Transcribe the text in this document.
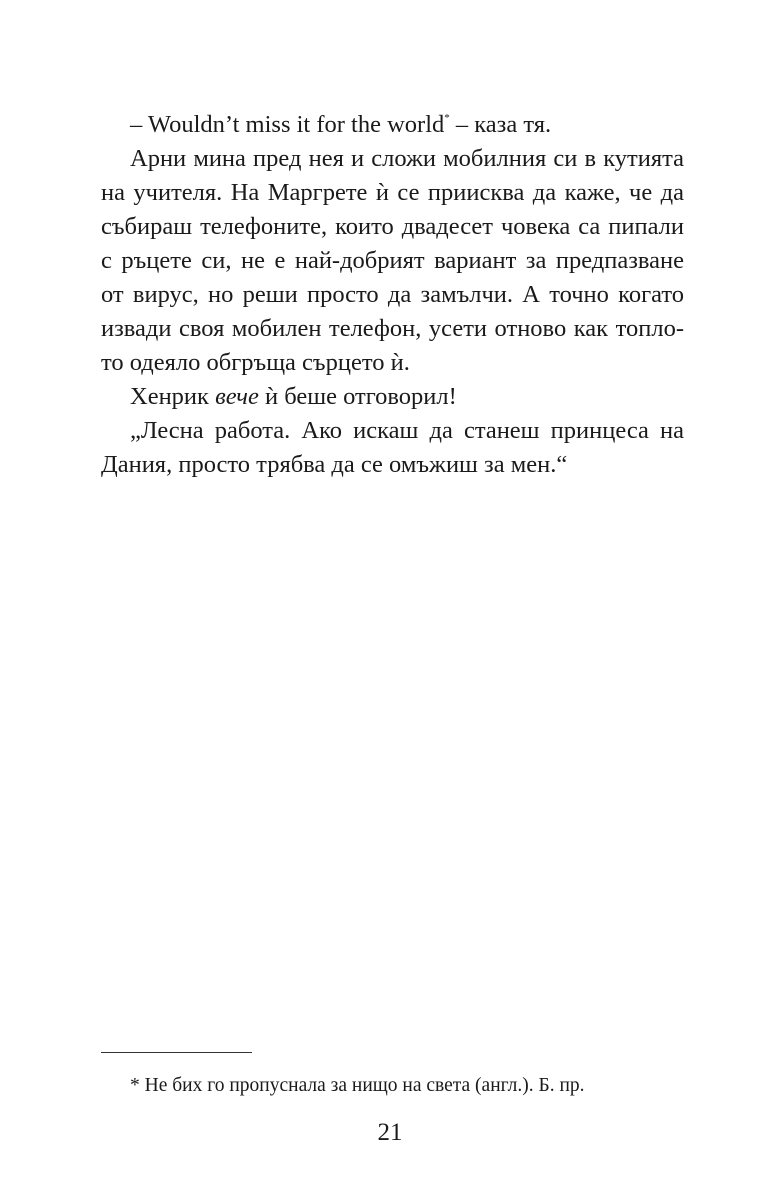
– Wouldn’t miss it for the world* – каза тя.
Арни мина пред нея и сложи мобилния си в кутията
на учителя. На Маргрете ѝ се приисква да каже, че да
събираш телефоните, които двадесет човека са пипали
с ръцете си, не е най-добрият вариант за предпазване
от вирус, но реши просто да замълчи. А точно когато
извади своя мобилен телефон, усети отново как топло-
то одеяло обгръща сърцето ѝ.
Хенрик вече ѝ беше отговорил!
„Лесна работа. Ако искаш да станеш принцеса на
Дания, просто трябва да се омъжиш за мен.“
* Не бих го пропуснала за нищо на света (англ.). Б. пр.
21
